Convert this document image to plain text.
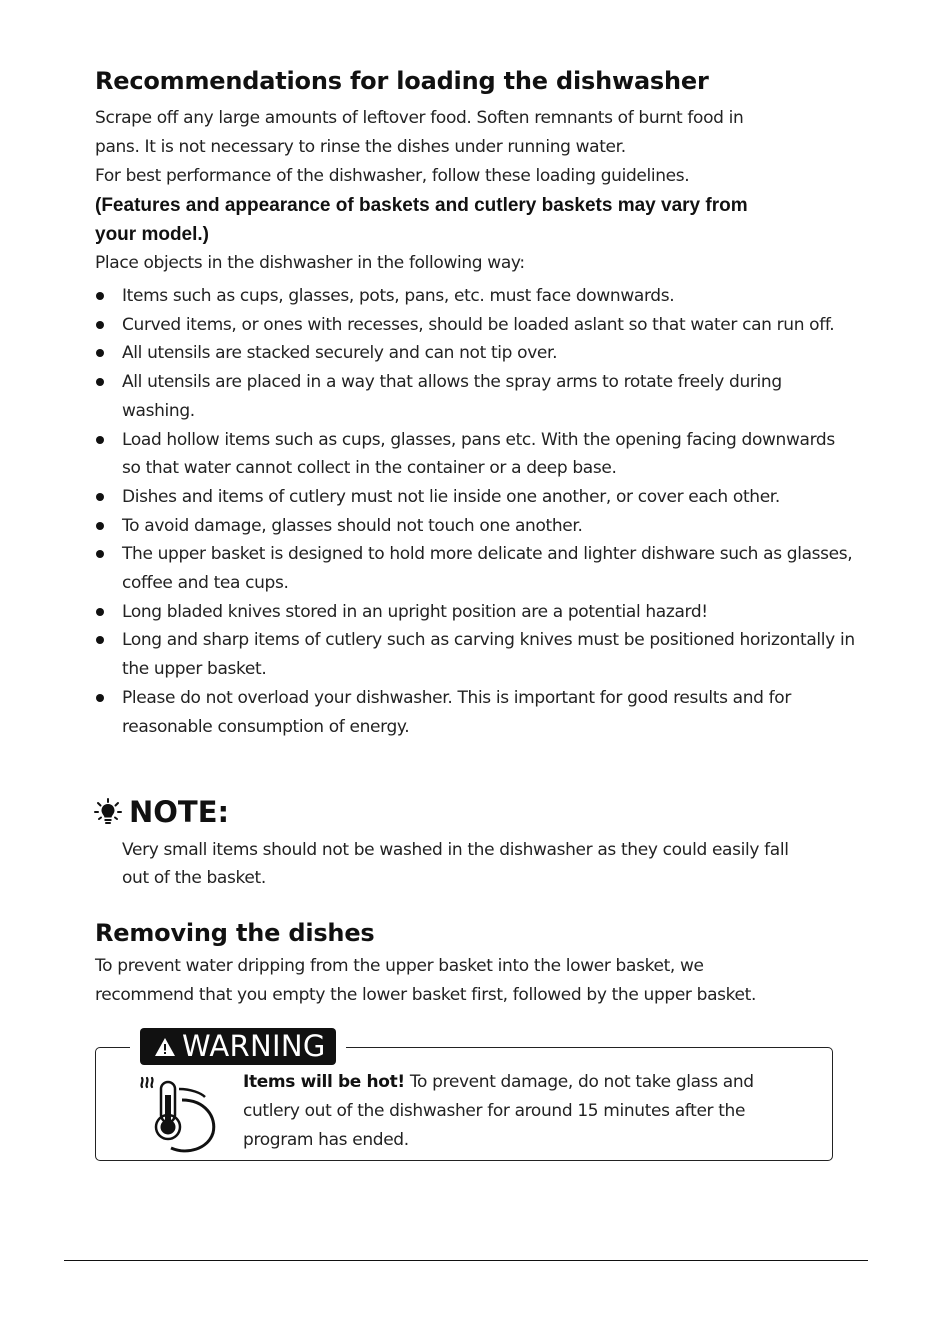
Recommendations for loading the dishwasher

Scrape off any large amounts of leftover food. Soften remnants of burnt food in

pans. It is not necessary to rinse the dishes under running water.

For best performance of the dishwasher, follow these loading guidelines.

(Features and appearance of baskets and cutlery baskets may vary from

your model.)

Place objects in the dishwasher in the following way:

Items such as cups, glasses, pots, pans, etc. must face downwards.
Curved items, or ones with recesses, should be loaded aslant so that water can run off.
All utensils are stacked securely and can not tip over.
All utensils are placed in a way that allows the spray arms to rotate freely during washing.
Load hollow items such as cups, glasses, pans etc. With the opening facing downwards so that water cannot collect in the container or a deep base.
Dishes and items of cutlery must not lie inside one another, or cover each other.
To avoid damage, glasses should not touch one another.
The upper basket is designed to hold more delicate and lighter dishware such as glasses, coffee and tea cups.
Long bladed knives stored in an upright position are a potential hazard!
Long and sharp items of cutlery such as carving knives must be positioned horizontally in the upper basket.
Please do not overload your dishwasher. This is important for good results and for reasonable consumption of energy.
NOTE:

Very small items should not be washed in the dishwasher as they could easily fall

out of the basket.

Removing the dishes

To prevent water dripping from the upper basket into the lower basket, we

recommend that you empty the lower basket first, followed by the upper basket.

WARNING
Items will be hot! To prevent damage, do not take glass and cutlery out of the dishwasher for around 15 minutes after the program has ended.
